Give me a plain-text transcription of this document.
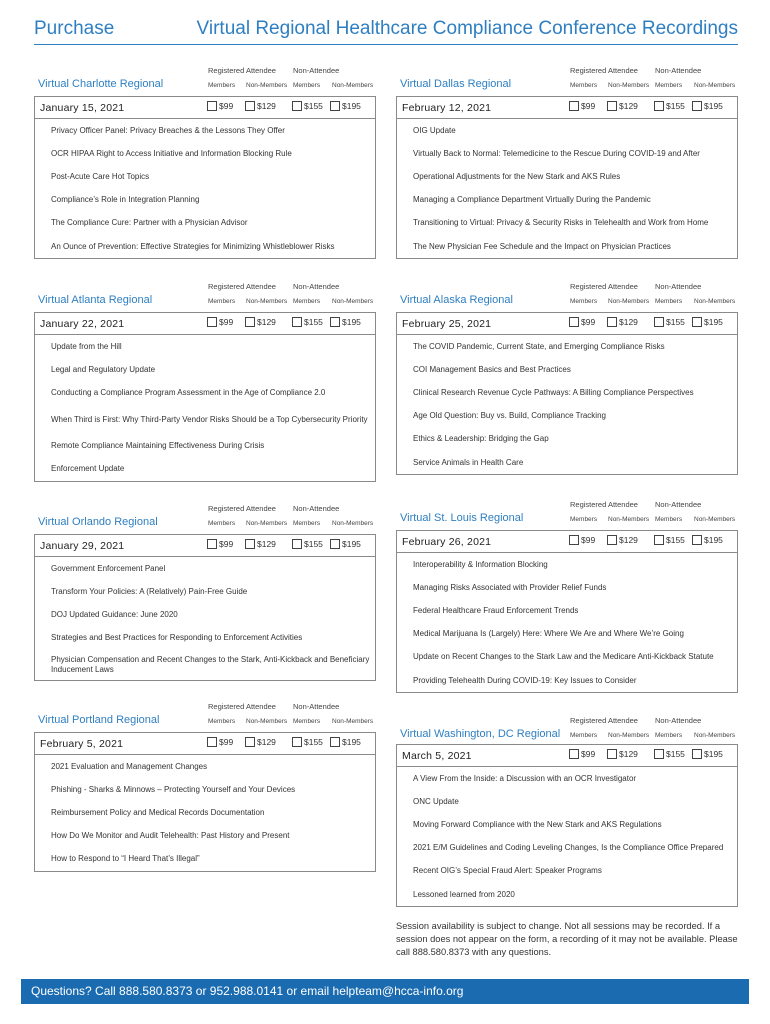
Purchase	Virtual Regional Healthcare Compliance Conference Recordings
Registered Attendee Non-Attendee
Members Non-Members Members Non-Members
Virtual Charlotte Regional
January 15, 2021	$99	$129	$155 $195
Privacy Officer Panel: Privacy Breaches & the Lessons They Offer
OCR HIPAA Right to Access Initiative and Information Blocking Rule
Post-Acute Care Hot Topics
Compliance’s Role in Integration Planning
The Compliance Cure: Partner with a Physician Advisor
An Ounce of Prevention: Effective Strategies for Minimizing Whistleblower Risks
Registered Attendee Non-Attendee
Members Non-Members Members Non-Members
Virtual Dallas Regional
February 12, 2021	$99	$129	$155 $195
OIG Update
Virtually Back to Normal: Telemedicine to the Rescue During COVID-19 and After
Operational Adjustments for the New Stark and AKS Rules
Managing a Compliance Department Virtually During the Pandemic
Transitioning to Virtual: Privacy & Security Risks in Telehealth and Work from Home
The New Physician Fee Schedule and the Impact on Physician Practices
Registered Attendee Non-Attendee
Members Non-Members Members Non-Members
Virtual Atlanta Regional
January 22, 2021	$99	$129	$155 $195
Update from the Hill
Legal and Regulatory Update
Conducting a Compliance Program Assessment in the Age of Compliance 2.0
When Third is First: Why Third-Party Vendor Risks Should be a Top Cybersecurity Priority
Remote Compliance Maintaining Effectiveness During Crisis
Enforcement Update
Registered Attendee Non-Attendee
Members Non-Members Members Non-Members
Virtual Alaska Regional
February 25, 2021	$99	$129	$155 $195
The COVID Pandemic, Current State, and Emerging Compliance Risks
COI Management Basics and Best Practices
Clinical Research Revenue Cycle Pathways: A Billing Compliance Perspectives
Age Old Question: Buy vs. Build, Compliance Tracking
Ethics & Leadership: Bridging the Gap
Service Animals in Health Care
Registered Attendee Non-Attendee
Members Non-Members Members Non-Members
Virtual Orlando Regional
January 29, 2021	$99	$129	$155 $195
Government Enforcement Panel
Transform Your Policies: A (Relatively) Pain-Free Guide
DOJ Updated Guidance: June 2020
Strategies and Best Practices for Responding to Enforcement Activities
Physician Compensation and Recent Changes to the Stark, Anti-Kickback and Beneficiary Inducement Laws
Registered Attendee Non-Attendee
Members Non-Members Members Non-Members
Virtual St. Louis Regional
February 26, 2021	$99	$129	$155 $195
Interoperability & Information Blocking
Managing Risks Associated with Provider Relief Funds
Federal Healthcare Fraud Enforcement Trends
Medical Marijuana Is (Largely) Here: Where We Are and Where We’re Going
Update on Recent Changes to the Stark Law and the Medicare Anti-Kickback Statute
Providing Telehealth During COVID-19: Key Issues to Consider
Registered Attendee Non-Attendee
Members Non-Members Members Non-Members
Virtual Portland Regional
February 5, 2021	$99	$129	$155 $195
2021 Evaluation and Management Changes
Phishing - Sharks & Minnows – Protecting Yourself and Your Devices
Reimbursement Policy and Medical Records Documentation
How Do We Monitor and Audit Telehealth: Past History and Present
How to Respond to “I Heard That’s Illegal”
Registered Attendee Non-Attendee
Members Non-Members Members Non-Members
Virtual Washington, DC Regional
March 5, 2021	$99	$129	$155 $195
A View From the Inside: a Discussion with an OCR Investigator
ONC Update
Moving Forward Compliance with the New Stark and AKS Regulations
2021 E/M Guidelines and Coding Leveling Changes, Is the Compliance Office Prepared
Recent OIG’s Special Fraud Alert: Speaker Programs
Lessoned learned from 2020
Session availability is subject to change. Not all sessions may be recorded. If a session does not appear on the form, a recording of it may not be available. Please call 888.580.8373 with any questions.
Questions? Call 888.580.8373 or 952.988.0141 or email helpteam@hcca-info.org
